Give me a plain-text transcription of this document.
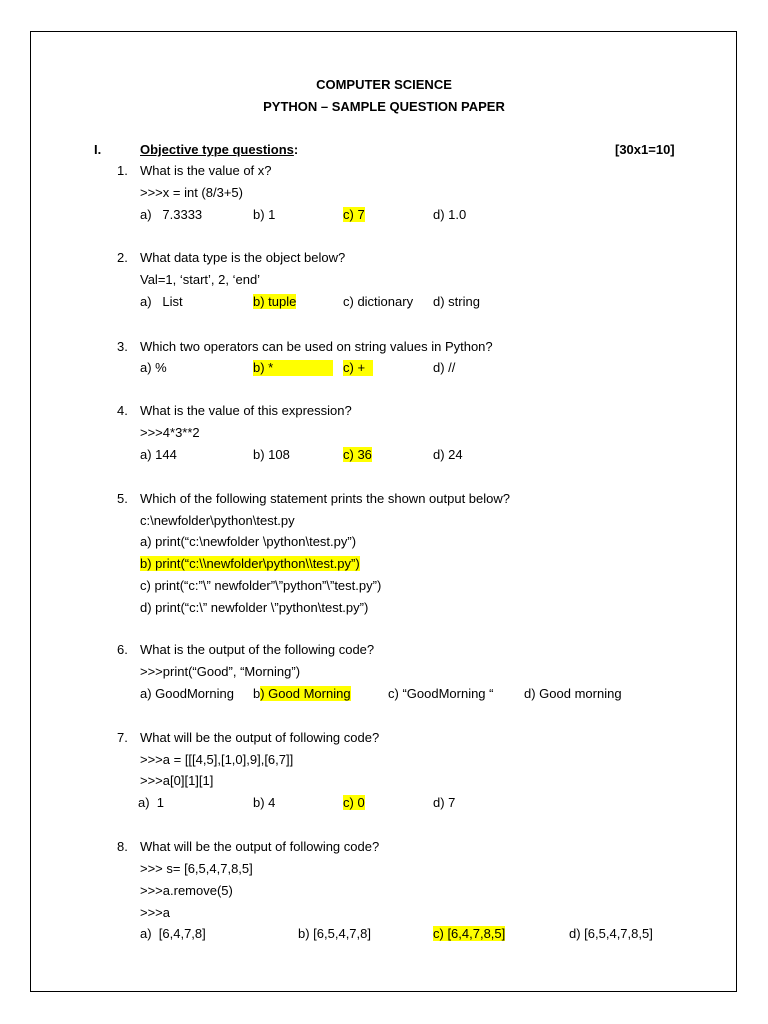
COMPUTER SCIENCE
PYTHON – SAMPLE QUESTION PAPER
I.	Objective type questions:	[30x1=10]
1. What is the value of x?
>>>x = int (8/3+5)
a)   7.3333	b) 1	c) 7	d) 1.0
2. What data type is the object below?
Val=1, ‘start’, 2, ‘end’
a)   List	b) tuple	c) dictionary d) string
3. Which two operators can be used on string values in Python?
a) %	b) *	c) +	d) //
4. What is the value of this expression?
>>>4*3**2
a) 144	b) 108	c) 36	d) 24
5. Which of the following statement prints the shown output below?
c:\newfolder\python\test.py
a) print(“c:\newfolder \python\test.py”)
b) print(“c:\\newfolder\python\\test.py”)
c) print(“c:”\” newfolder”\”python”\”test.py”)
d) print(“c:\” newfolder \”python\test.py”)
6. What is the output of the following code?
>>>print(“Good”, “Morning”)
a) GoodMorning b) Good Morning	c) “GoodMorning “ d) Good morning
7. What will be the output of following code?
>>>a = [[[4,5],[1,0],9],[6,7]]
>>>a[0][1][1]
a)  1	b) 4	c) 0	d) 7
8. What will be the output of following code?
>>> s= [6,5,4,7,8,5]
>>>a.remove(5)
>>>a
a)  [6,4,7,8]	b) [6,5,4,7,8]	c) [6,4,7,8,5]	d) [6,5,4,7,8,5]
